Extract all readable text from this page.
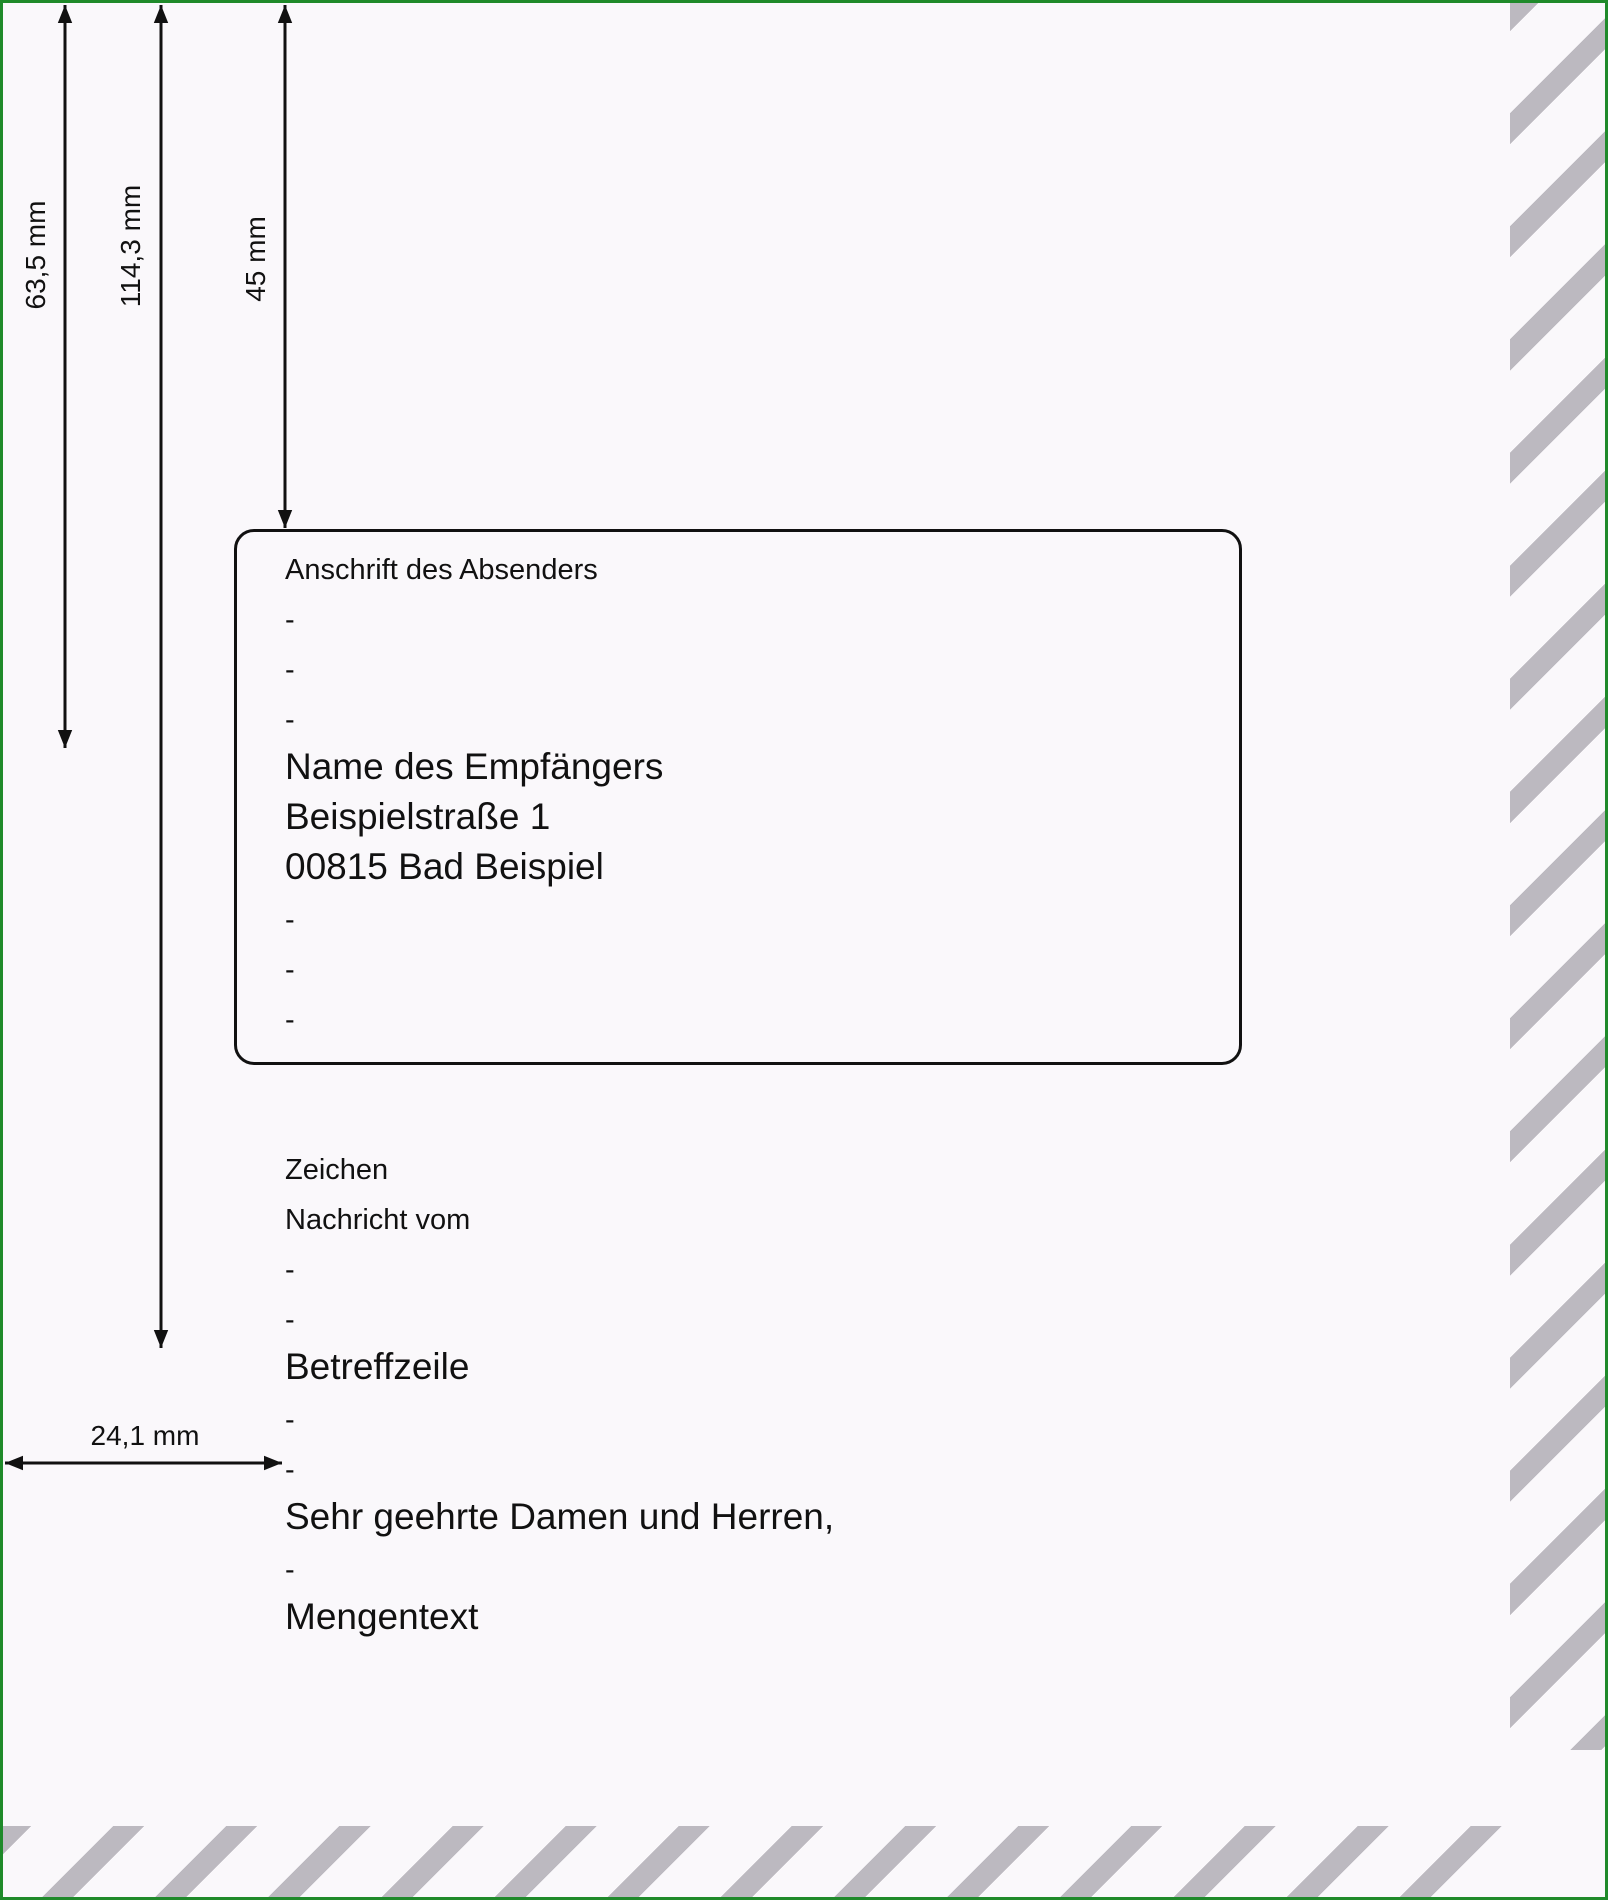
63,5 mm 114,3 mm	45 mm
24,1 mm
Anschrift des Absenders
-
-
-
Name des Empfängers
Beispielstraße 1
00815 Bad Beispiel
-
-
-
Zeichen
Nachricht vom
-
-
Betreffzeile
-
-
Sehr geehrte Damen und Herren,
-
Mengentext
